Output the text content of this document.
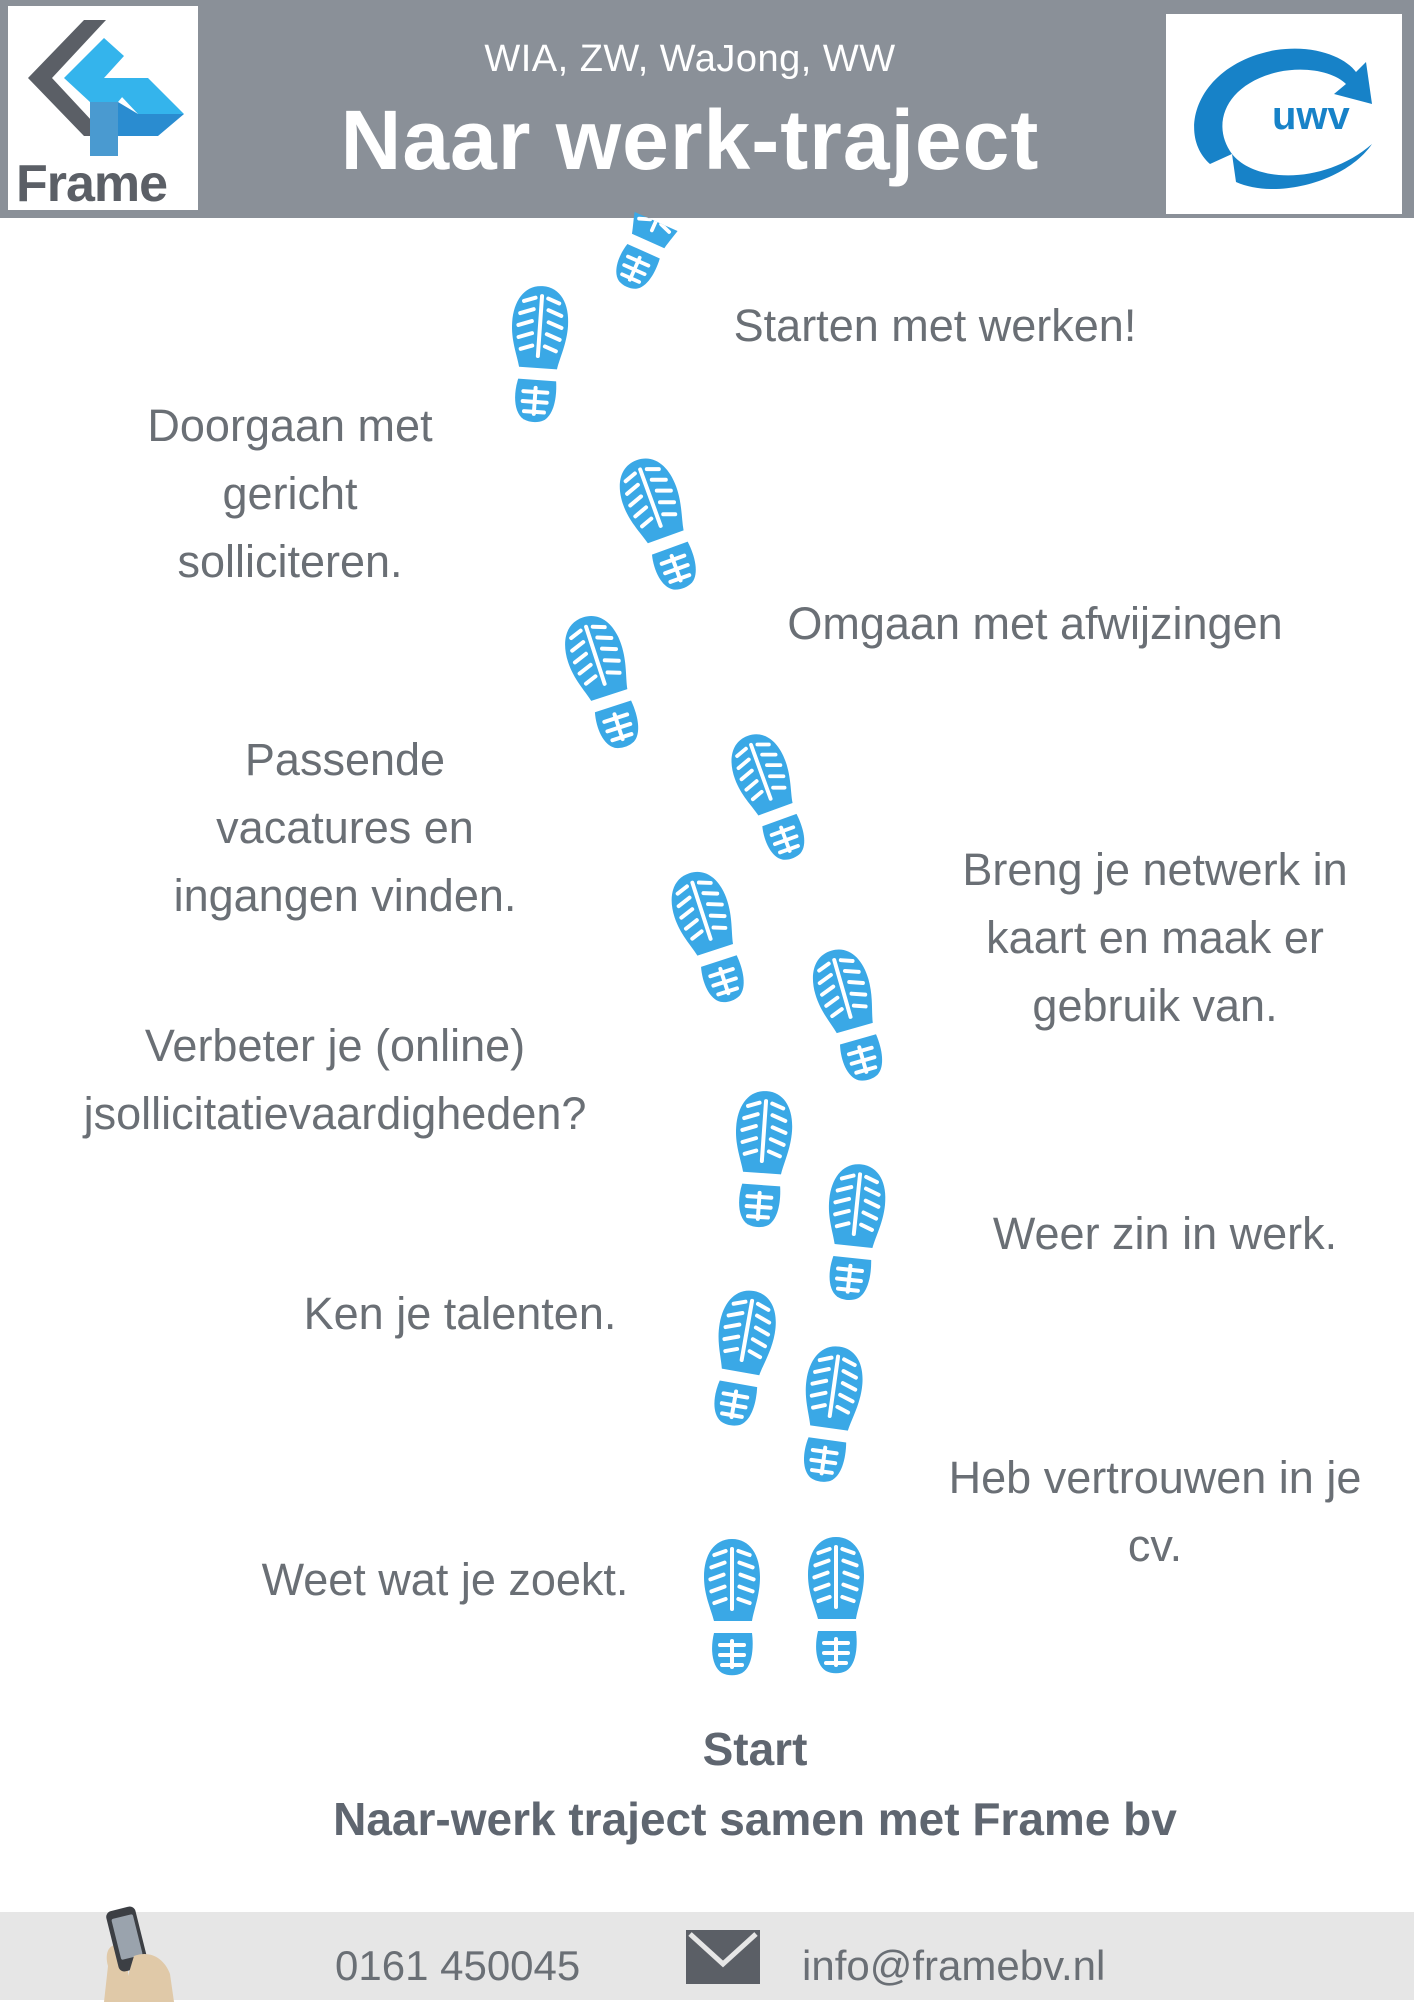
Frame
WIA, ZW, WaJong, WW
Naar werk-traject	uwv
Starten met werken!
Doorgaan met
gericht
solliciteren.
Omgaan met afwijzingen
Passende
vacatures en
ingangen vinden.
Breng je netwerk in
kaart en maak er
gebruik van.
Verbeter je (online)
jsollicitatievaardigheden?
Weer zin in werk.
Ken je talenten.
Heb vertrouwen in je
cv.
Weet wat je zoekt.
Start
Naar-werk traject samen met Frame bv
0161 450045	info@framebv.nl
